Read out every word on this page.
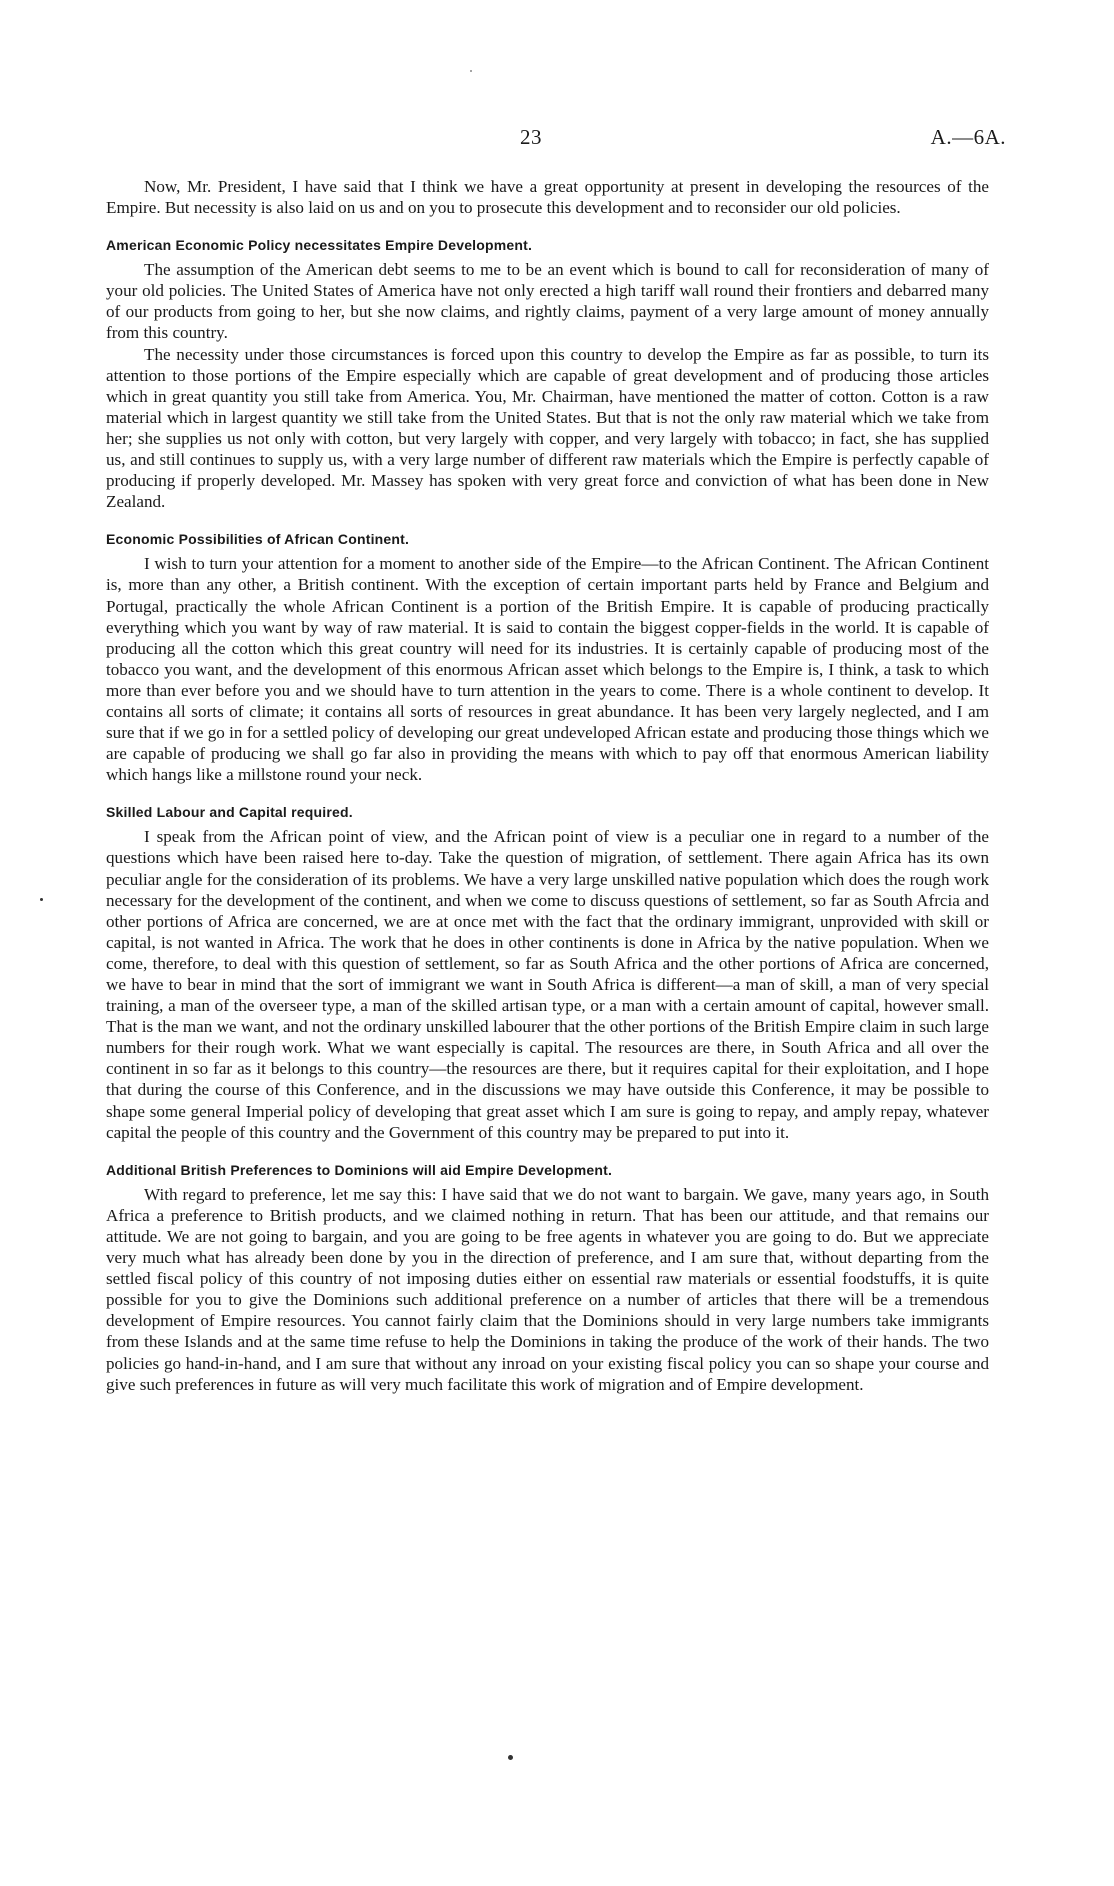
23	A.—6A.

Now, Mr. President, I have said that I think we have a great opportunity at present in developing the resources of the Empire. But necessity is also laid on us and on you to prosecute this development and to reconsider our old policies.

American Economic Policy necessitates Empire Development.

The assumption of the American debt seems to me to be an event which is bound to call for reconsideration of many of your old policies. The United States of America have not only erected a high tariff wall round their frontiers and debarred many of our products from going to her, but she now claims, and rightly claims, payment of a very large amount of money annually from this country.

The necessity under those circumstances is forced upon this country to develop the Empire as far as possible, to turn its attention to those portions of the Empire especially which are capable of great development and of producing those articles which in great quantity you still take from America. You, Mr. Chairman, have mentioned the matter of cotton. Cotton is a raw material which in largest quantity we still take from the United States. But that is not the only raw material which we take from her; she supplies us not only with cotton, but very largely with copper, and very largely with tobacco; in fact, she has supplied us, and still continues to supply us, with a very large number of different raw materials which the Empire is perfectly capable of producing if properly developed. Mr. Massey has spoken with very great force and conviction of what has been done in New Zealand.

Economic Possibilities of African Continent.

I wish to turn your attention for a moment to another side of the Empire—to the African Continent. The African Continent is, more than any other, a British continent. With the exception of certain important parts held by France and Belgium and Portugal, practically the whole African Continent is a portion of the British Empire. It is capable of producing practically everything which you want by way of raw material. It is said to contain the biggest copper-fields in the world. It is capable of producing all the cotton which this great country will need for its industries. It is certainly capable of producing most of the tobacco you want, and the development of this enormous African asset which belongs to the Empire is, I think, a task to which more than ever before you and we should have to turn attention in the years to come. There is a whole continent to develop. It contains all sorts of climate; it contains all sorts of resources in great abundance. It has been very largely neglected, and I am sure that if we go in for a settled policy of developing our great undeveloped African estate and producing those things which we are capable of producing we shall go far also in providing the means with which to pay off that enormous American liability which hangs like a millstone round your neck.

Skilled Labour and Capital required.

I speak from the African point of view, and the African point of view is a peculiar one in regard to a number of the questions which have been raised here to-day. Take the question of migration, of settlement. There again Africa has its own peculiar angle for the consideration of its problems. We have a very large unskilled native population which does the rough work necessary for the development of the continent, and when we come to discuss questions of settlement, so far as South Afrcia and other portions of Africa are concerned, we are at once met with the fact that the ordinary immigrant, unprovided with skill or capital, is not wanted in Africa. The work that he does in other continents is done in Africa by the native population. When we come, therefore, to deal with this question of settlement, so far as South Africa and the other portions of Africa are concerned, we have to bear in mind that the sort of immigrant we want in South Africa is different—a man of skill, a man of very special training, a man of the overseer type, a man of the skilled artisan type, or a man with a certain amount of capital, however small. That is the man we want, and not the ordinary unskilled labourer that the other portions of the British Empire claim in such large numbers for their rough work. What we want especially is capital. The resources are there, in South Africa and all over the continent in so far as it belongs to this country—the resources are there, but it requires capital for their exploitation, and I hope that during the course of this Conference, and in the discussions we may have outside this Conference, it may be possible to shape some general Imperial policy of developing that great asset which I am sure is going to repay, and amply repay, whatever capital the people of this country and the Government of this country may be prepared to put into it.

Additional British Preferences to Dominions will aid Empire Development.

With regard to preference, let me say this: I have said that we do not want to bargain. We gave, many years ago, in South Africa a preference to British products, and we claimed nothing in return. That has been our attitude, and that remains our attitude. We are not going to bargain, and you are going to be free agents in whatever you are going to do. But we appreciate very much what has already been done by you in the direction of preference, and I am sure that, without departing from the settled fiscal policy of this country of not imposing duties either on essential raw materials or essential foodstuffs, it is quite possible for you to give the Dominions such additional preference on a number of articles that there will be a tremendous development of Empire resources. You cannot fairly claim that the Dominions should in very large numbers take immigrants from these Islands and at the same time refuse to help the Dominions in taking the produce of the work of their hands. The two policies go hand-in-hand, and I am sure that without any inroad on your existing fiscal policy you can so shape your course and give such preferences in future as will very much facilitate this work of migration and of Empire development.
